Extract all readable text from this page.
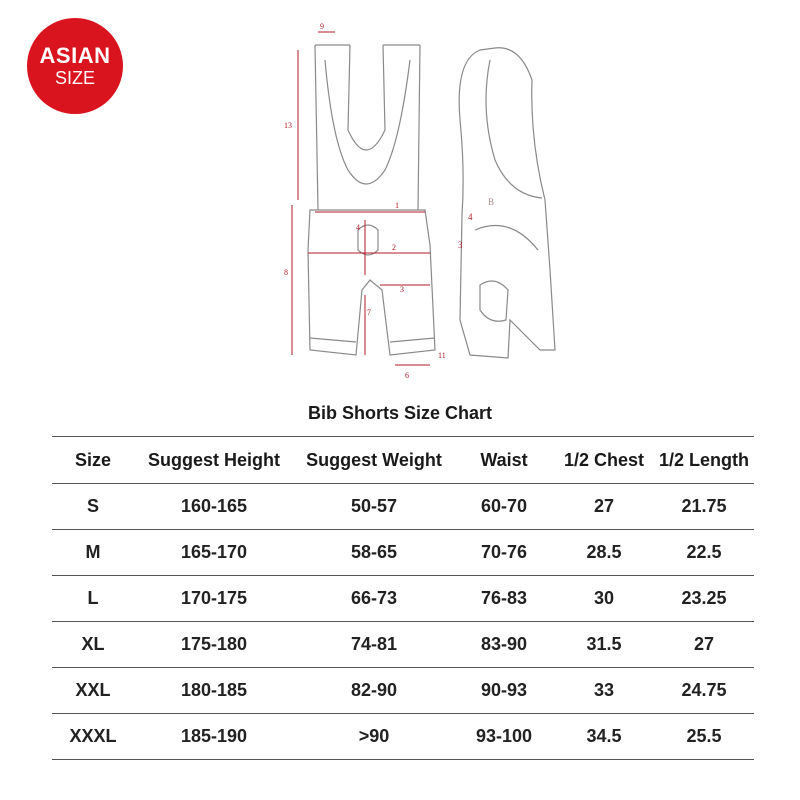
ASIAN
SIZE
9
13
8
1
4
2
3
7
6
11
B
4
3
Bib Shorts Size Chart
Size	Suggest Height	Suggest Weight	Waist	1/2 Chest	1/2 Length
S	160-165	50-57	60-70	27	21.75
M	165-170	58-65	70-76	28.5	22.5
L	170-175	66-73	76-83	30	23.25
XL	175-180	74-81	83-90	31.5	27
XXL	180-185	82-90	90-93	33	24.75
XXXL	185-190	>90	93-100	34.5	25.5
